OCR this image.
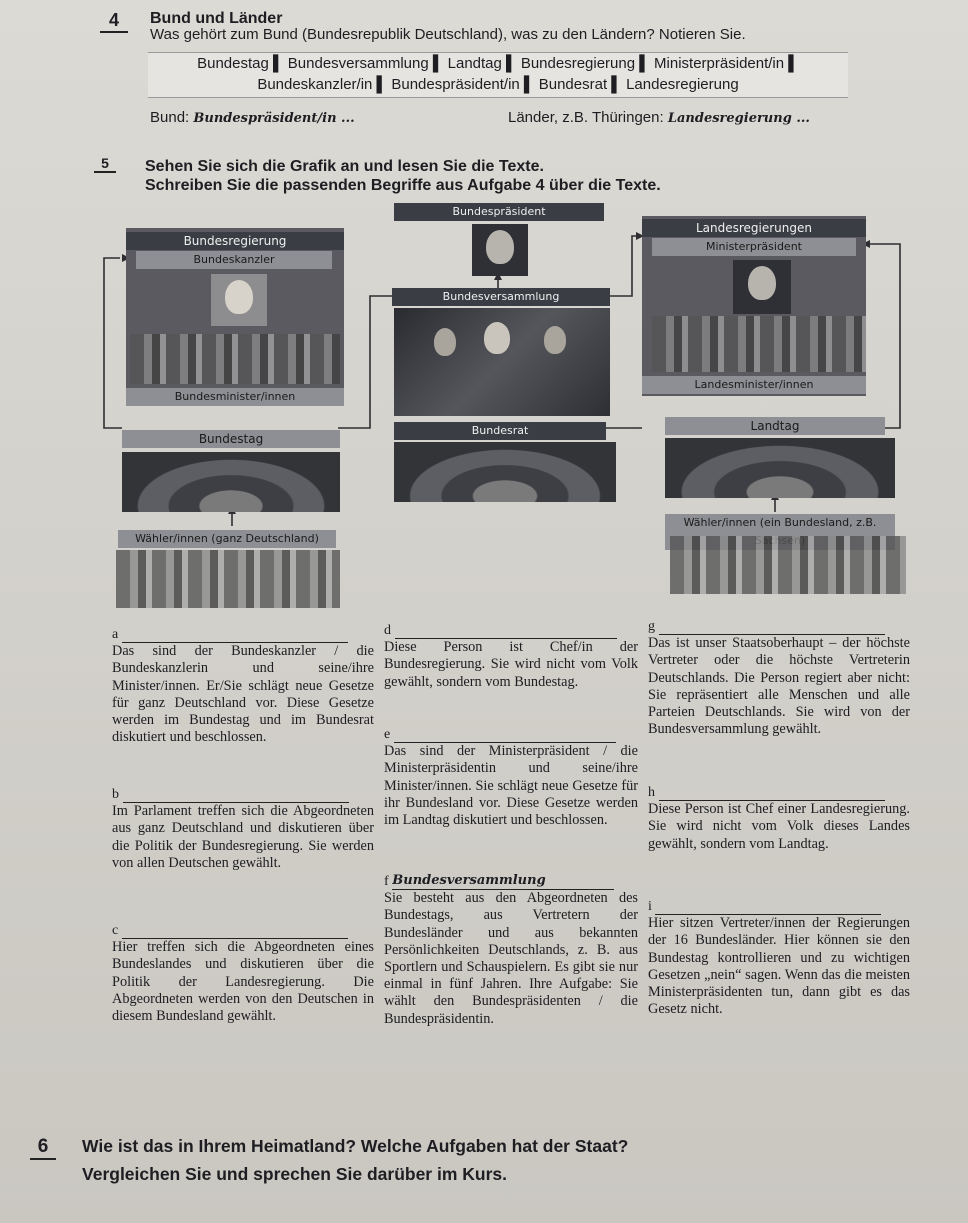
4	Bund und Länder
Was gehört zum Bund (Bundesrepublik Deutschland), was zu den Ländern? Notieren Sie.
Bundestag ▌ Bundesversammlung ▌ Landtag ▌ Bundesregierung ▌ Ministerpräsident/in ▌
Bundeskanzler/in ▌ Bundespräsident/in ▌ Bundesrat ▌ Landesregierung
Bund: Bundespräsident/in ...	Länder, z.B. Thüringen: Landesregierung ...
5	Sehen Sie sich die Grafik an und lesen Sie die Texte.
Schreiben Sie die passenden Begriffe aus Aufgabe 4 über die Texte.
Bundespräsident
Bundesregierung
Bundeskanzler
Bundesminister/innen
Bundesversammlung
Landesregierungen
Ministerpräsident
Landesminister/innen
Bundestag
Bundesrat	Landtag
Wähler/innen (ganz Deutschland)
Wähler/innen (ein Bundesland, z.B.

a

Das sind der Bundeskanzler / die Bundeskanzlerin und seine/ihre Minister/innen. Er/Sie schlägt neue Gesetze für ganz Deutschland vor. Diese Gesetze werden im Bundestag und im Bundesrat diskutiert und beschlossen.

b

Im Parlament treffen sich die Abgeordneten aus ganz Deutschland und diskutieren über die Politik der Bundesregierung. Sie werden von allen Deutschen gewählt.

c

Hier treffen sich die Abgeordneten eines Bundeslandes und diskutieren über die Politik der Landesregierung. Die Abgeordneten werden von den Deutschen in diesem Bundesland gewählt.

d

Diese Person ist Chef/in der Bundesregierung. Sie wird nicht vom Volk gewählt, sondern vom Bundestag.

e

Das sind der Ministerpräsident / die Ministerpräsidentin und seine/ihre Minister/innen. Sie schlägt neue Gesetze für ihr Bundesland vor. Diese Gesetze werden im Landtag diskutiert und beschlossen.

f Bundesversammlung

Sie besteht aus den Abgeordneten des Bundestags, aus Vertretern der Bundesländer und aus bekannten Persönlichkeiten Deutschlands, z. B. aus Sportlern und Schauspielern. Es gibt sie nur einmal in fünf Jahren. Ihre Aufgabe: Sie wählt den Bundespräsidenten / die Bundespräsidentin.

g

Das ist unser Staatsoberhaupt – der höchste Vertreter oder die höchste Vertreterin Deutschlands. Die Person regiert aber nicht: Sie repräsentiert alle Menschen und alle Parteien Deutschlands. Sie wird von der Bundesversammlung gewählt.

h

Diese Person ist Chef einer Landesregierung. Sie wird nicht vom Volk dieses Landes gewählt, sondern vom Landtag.

i

Hier sitzen Vertreter/innen der Regierungen der 16 Bundesländer. Hier können sie den Bundestag kontrollieren und zu wichtigen Gesetzen „nein“ sagen. Wenn das die meisten Ministerpräsidenten tun, dann gibt es das Gesetz nicht.

6	Wie ist das in Ihrem Heimatland? Welche Aufgaben hat der Staat?
Vergleichen Sie und sprechen Sie darüber im Kurs.
